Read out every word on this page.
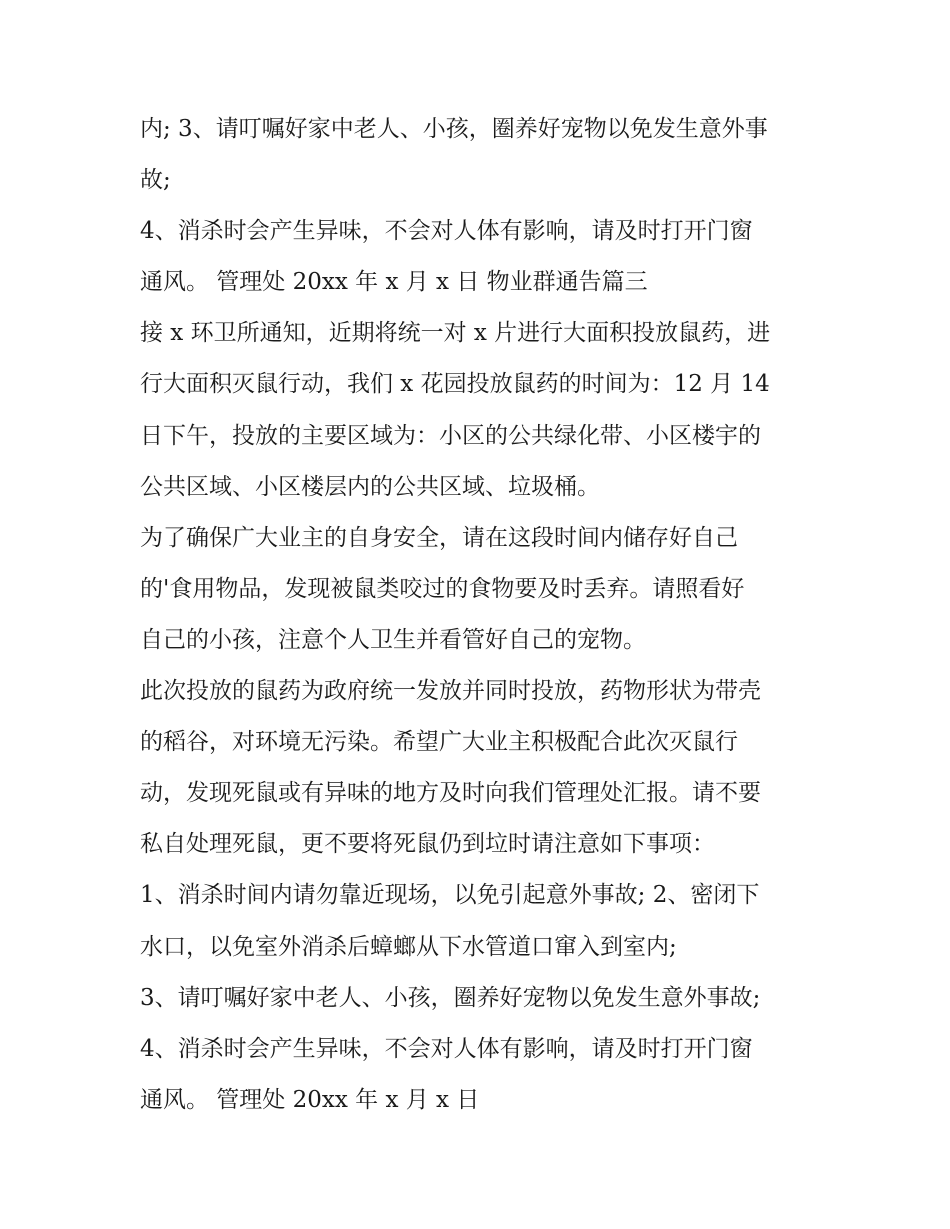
内; 3、请叮嘱好家中老人、小孩，圈养好宠物以免发生意外事
故;
4、消杀时会产生异味，不会对人体有影响，请及时打开门窗
通风。 管理处 20xx 年 x 月 x 日 物业群通告篇三
接 x 环卫所通知，近期将统一对 x 片进行大面积投放鼠药，进
行大面积灭鼠行动，我们 x 花园投放鼠药的时间为：12 月 14
日下午，投放的主要区域为：小区的公共绿化带、小区楼宇的
公共区域、小区楼层内的公共区域、垃圾桶。
为了确保广大业主的自身安全，请在这段时间内储存好自己
的'食用物品，发现被鼠类咬过的食物要及时丢弃。请照看好
自己的小孩，注意个人卫生并看管好自己的宠物。
此次投放的鼠药为政府统一发放并同时投放，药物形状为带壳
的稻谷，对环境无污染。希望广大业主积极配合此次灭鼠行
动，发现死鼠或有异味的地方及时向我们管理处汇报。请不要
私自处理死鼠，更不要将死鼠仍到垃时请注意如下事项：
1、消杀时间内请勿靠近现场，以免引起意外事故; 2、密闭下
水口，以免室外消杀后蟑螂从下水管道口窜入到室内;
3、请叮嘱好家中老人、小孩，圈养好宠物以免发生意外事故;
4、消杀时会产生异味，不会对人体有影响，请及时打开门窗
通风。 管理处 20xx 年 x 月 x 日
